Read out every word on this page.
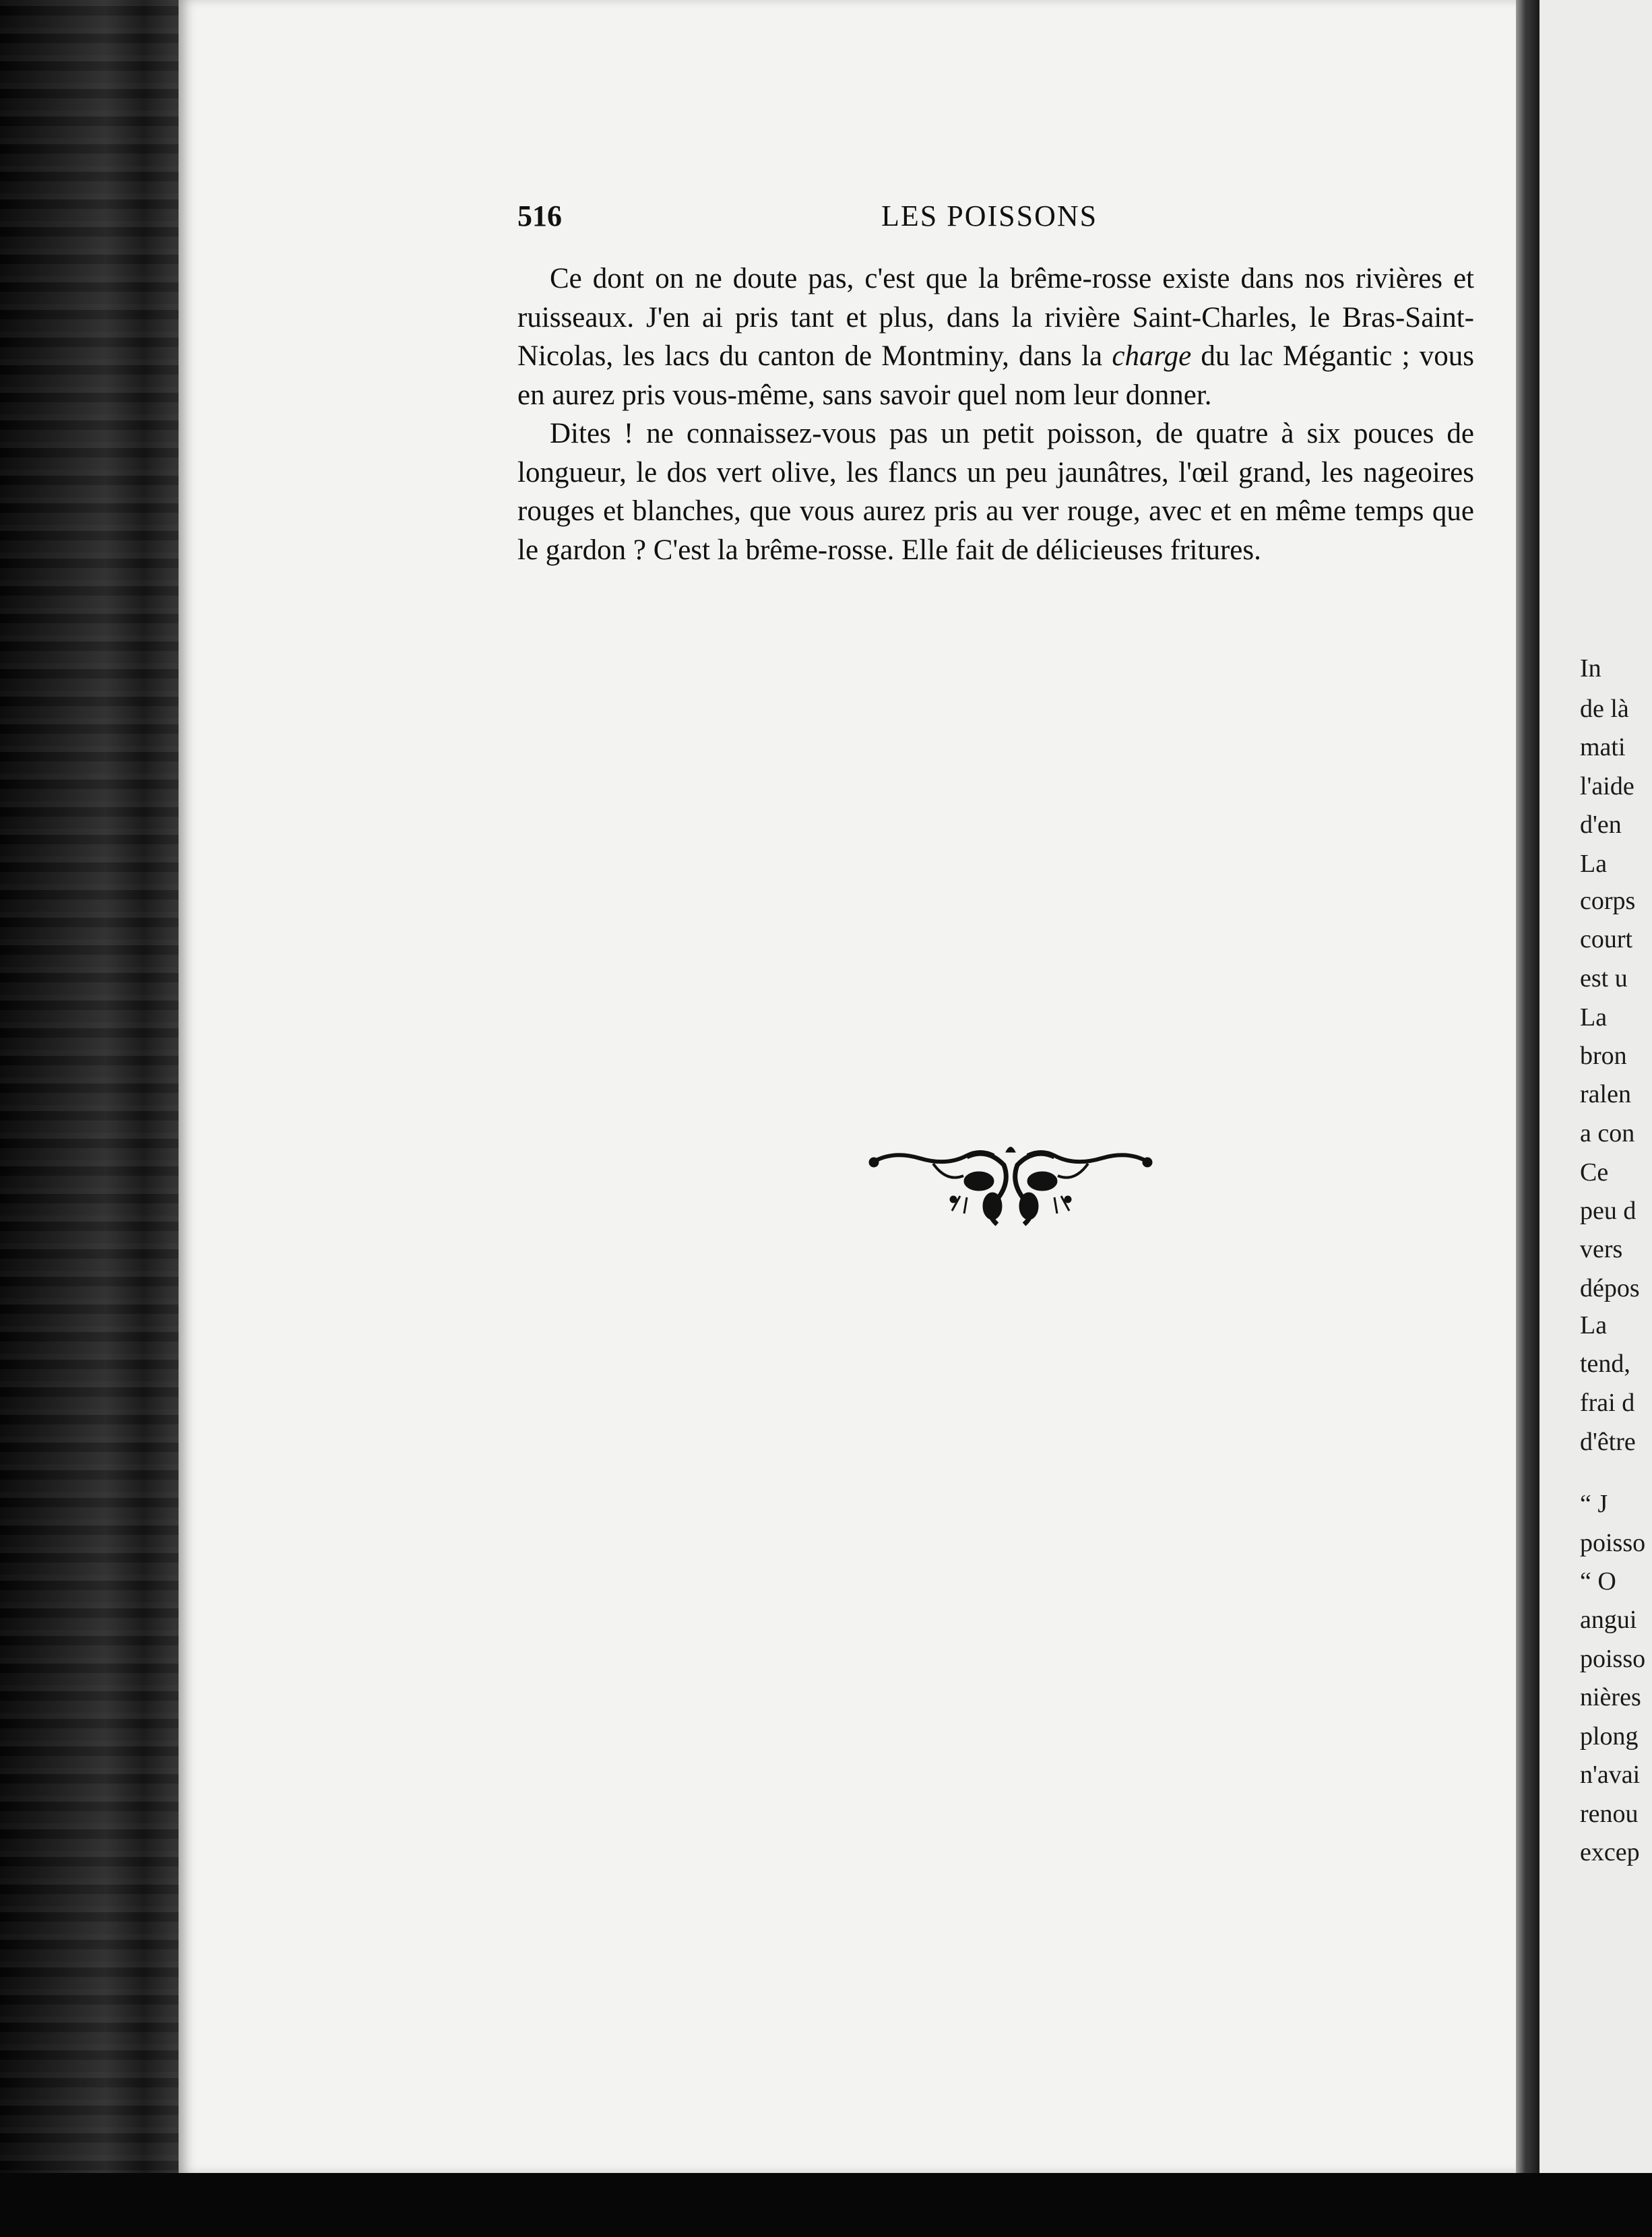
516	LES POISSONS

Ce dont on ne doute pas, c'est que la brême-rosse existe dans nos rivières et ruisseaux. J'en ai pris tant et plus, dans la rivière Saint-Charles, le Bras-Saint-Nicolas, les lacs du canton de Montminy, dans la charge du lac Mégantic ; vous en aurez pris vous-même, sans savoir quel nom leur donner.

Dites ! ne connaissez-vous pas un petit poisson, de quatre à six pouces de longueur, le dos vert olive, les flancs un peu jaunâtres, l'œil grand, les nageoires rouges et blanches, que vous aurez pris au ver rouge, avec et en même temps que le gardon ? C'est la brême-rosse. Elle fait de délicieuses fritures.

In
de là
mati
l'aide
d'en
La
corps
court
est u
La
bron
ralen
a con
Ce
peu d
vers
dépos
La
tend,
frai d
d'être
“ J
poisso
“ O
angui
poisso
nières
plong
n'avai
renou
excep
